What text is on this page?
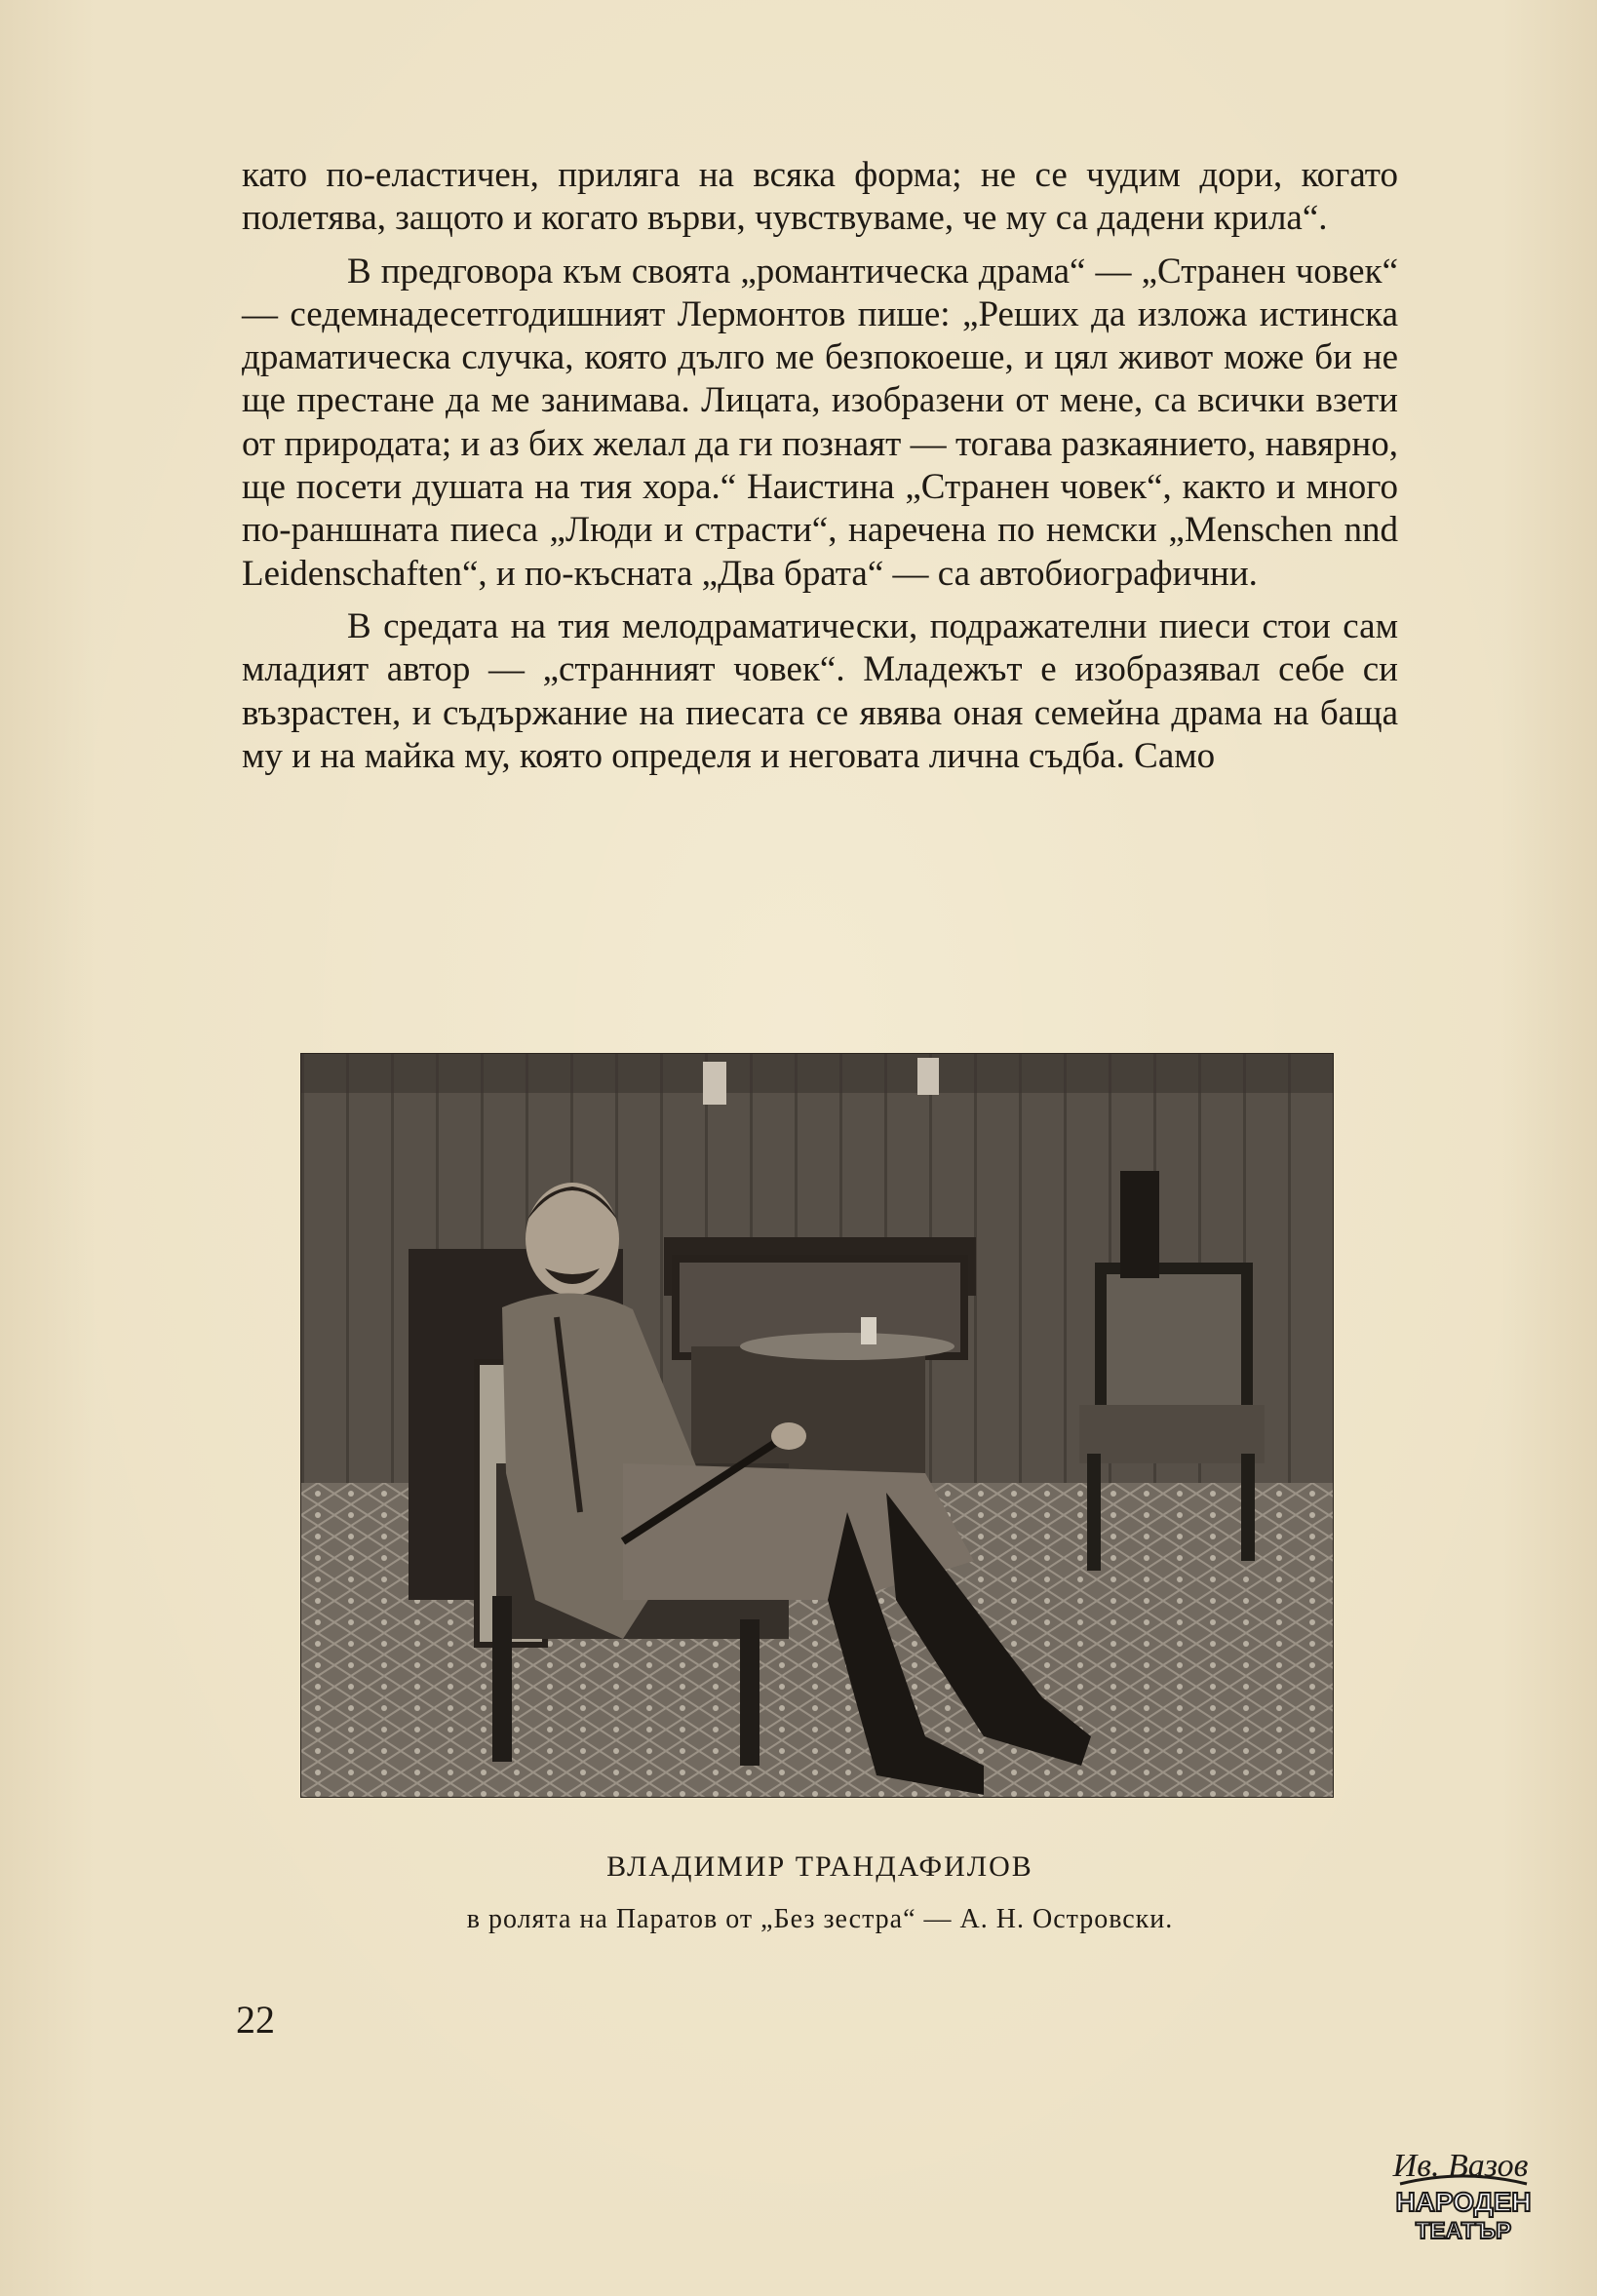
като по-еластичен, приляга на всяка форма; не се чудим дори, когато полетява, защото и когато върви, чувствуваме, че му са дадени крила“.

В предговора към своята „романтическа драма“ — „Странен човек“ — седемнадесетгодишният Лермонтов пише: „Реших да изложа истинска драматическа случка, която дълго ме безпокоеше, и цял живот може би не ще престане да ме занимава. Лицата, изобразени от мене, са всички взети от природата; и аз бих желал да ги познаят — тогава разкаянието, навярно, ще посети душата на тия хора.“ Наистина „Странен човек“, както и много по-раншната пиеса „Люди и страсти“, наречена по немски „Menschen nnd Leidenschaften“, и по-късната „Два брата“ — са автобиографични.

В средата на тия мелодраматически, подражателни пиеси стои сам младият автор — „странният човек“. Младежът е изобразявал себе си възрастен, и съдържание на пиесата се явява оная семейна драма на баща му и на майка му, която определя и неговата лична съдба. Само

ВЛАДИМИР ТРАНДАФИЛОВ
в ролята на Паратов от „Без зестра“ — А. Н. Островски.
22
Ив. Вазов
НАРОДЕН
ТЕАТЪР
